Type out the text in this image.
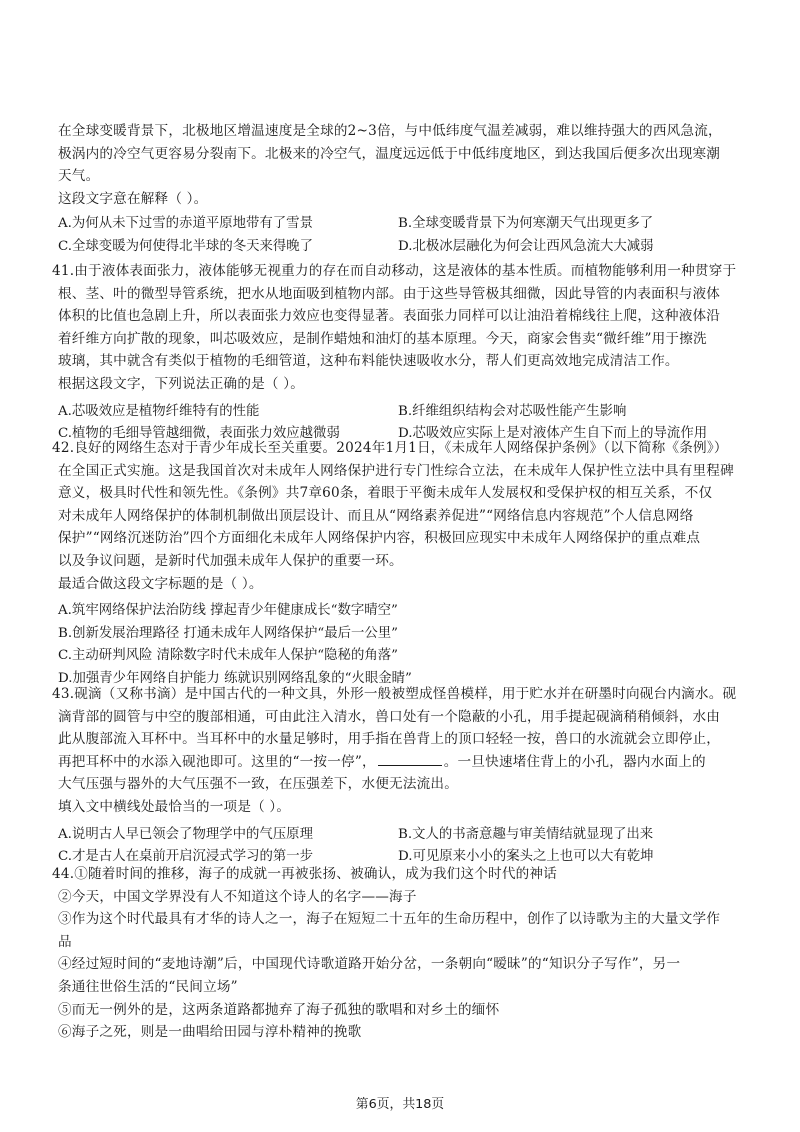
在全球变暖背景下，北极地区增温速度是全球的2~3倍，与中低纬度气温差减弱，难以维持强大的西风急流，

极涡内的冷空气更容易分裂南下。北极来的冷空气，温度远远低于中低纬度地区，到达我国后便多次出现寒潮

天气。

这段文字意在解释（ ）。

A.为何从未下过雪的赤道平原地带有了雪景	B.全球变暖背景下为何寒潮天气出现更多了
C.全球变暖为何使得北半球的冬天来得晚了	D.北极冰层融化为何会让西风急流大大减弱

41.由于液体表面张力，液体能够无视重力的存在而自动移动，这是液体的基本性质。而植物能够利用一种贯穿于

根、茎、叶的微型导管系统，把水从地面吸到植物内部。由于这些导管极其细微，因此导管的内表面积与液体

体积的比值也急剧上升，所以表面张力效应也变得显著。表面张力同样可以让油沿着棉线往上爬，这种液体沿

着纤维方向扩散的现象，叫芯吸效应，是制作蜡烛和油灯的基本原理。今天，商家会售卖“微纤维”用于擦洗

玻璃，其中就含有类似于植物的毛细管道，这种布料能快速吸收水分，帮人们更高效地完成清洁工作。

根据这段文字，下列说法正确的是（ ）。

A.芯吸效应是植物纤维特有的性能	B.纤维组织结构会对芯吸性能产生影响
C.植物的毛细导管越细微，表面张力效应越微弱	D.芯吸效应实际上是对液体产生自下而上的导流作用

42.良好的网络生态对于青少年成长至关重要。2024年1月1日，《未成年人网络保护条例》（以下简称《条例》）

在全国正式实施。这是我国首次对未成年人网络保护进行专门性综合立法，在未成年人保护性立法中具有里程碑

意义，极具时代性和领先性。《条例》共7章60条，着眼于平衡未成年人发展权和受保护权的相互关系，不仅

对未成年人网络保护的体制机制做出顶层设计、而且从“网络素养促进”“网络信息内容规范”个人信息网络

保护”“网络沉迷防治”四个方面细化未成年人网络保护内容，积极回应现实中未成年人网络保护的重点难点

以及争议问题，是新时代加强未成年人保护的重要一环。

最适合做这段文字标题的是（ ）。

A.筑牢网络保护法治防线 撑起青少年健康成长“数字晴空”
B.创新发展治理路径 打通未成年人网络保护“最后一公里”
C.主动研判风险 清除数字时代未成年人保护“隐秘的角落”
D.加强青少年网络自护能力 练就识别网络乱象的“火眼金睛”

43.砚滴（又称书滴）是中国古代的一种文具，外形一般被塑成怪兽模样，用于贮水并在研墨时向砚台内滴水。砚

滴背部的圆管与中空的腹部相通，可由此注入清水，兽口处有一个隐蔽的小孔，用手提起砚滴稍稍倾斜，水由

此从腹部流入耳杯中。当耳杯中的水量足够时，用手指在兽背上的顶口轻轻一按，兽口的水流就会立即停止，

再把耳杯中的水添入砚池即可。这里的“一按一停”，	。一旦快速堵住背上的小孔，器内水面上的

大气压强与器外的大气压强不一致，在压强差下，水便无法流出。

填入文中横线处最恰当的一项是（ ）。

A.说明古人早已领会了物理学中的气压原理	B.文人的书斋意趣与审美情结就显现了出来
C.才是古人在桌前开启沉浸式学习的第一步	D.可见原来小小的案头之上也可以大有乾坤

44.①随着时间的推移，海子的成就一再被张扬、被确认，成为我们这个时代的神话

②今天，中国文学界没有人不知道这个诗人的名字——海子

③作为这个时代最具有才华的诗人之一，海子在短短二十五年的生命历程中，创作了以诗歌为主的大量文学作

品

④经过短时间的“麦地诗潮”后，中国现代诗歌道路开始分岔，一条朝向“暧昧”的“知识分子写作”，另一

条通往世俗生活的“民间立场”

⑤而无一例外的是，这两条道路都抛弃了海子孤独的歌唱和对乡土的缅怀

⑥海子之死，则是一曲唱给田园与淳朴精神的挽歌

第6页，共18页
